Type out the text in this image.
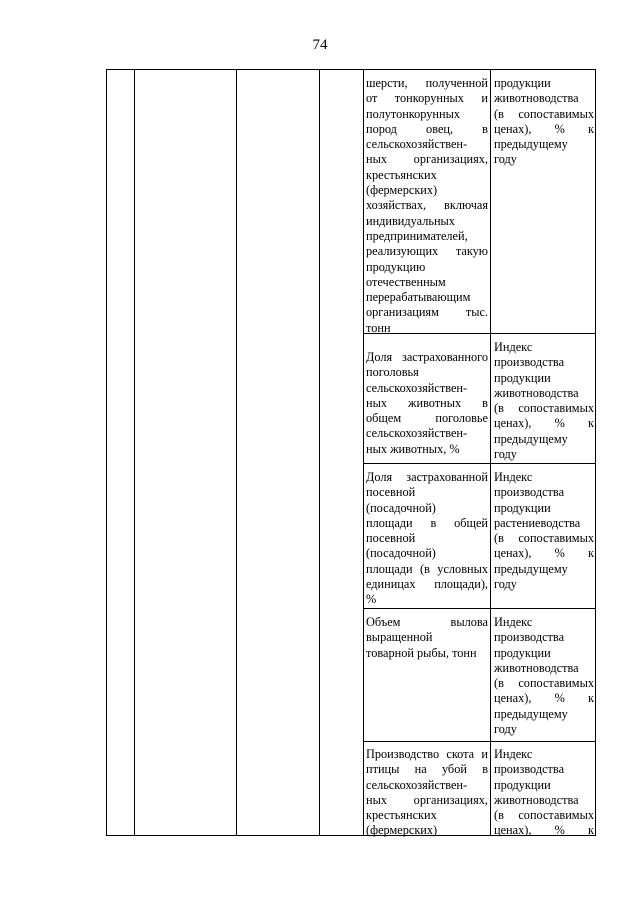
74
шерсти, полученной
от тонкорунных и
полутонкорунных
пород овец, в
сельскохозяйствен-
ных организациях,
крестьянских
(фермерских)
хозяйствах, включая
индивидуальных
предпринимателей,
реализующих такую
продукцию
отечественным
перерабатывающим
организациям тыс.
тонн
продукции
животноводства
(в сопоставимых
ценах), % к
предыдущему
году
Доля застрахованного
поголовья
сельскохозяйствен-
ных животных в
общем поголовье
сельскохозяйствен-
ных животных, %
Индекс
производства
продукции
животноводства
(в сопоставимых
ценах), % к
предыдущему
году
Доля застрахованной
посевной
(посадочной)
площади в общей
посевной
(посадочной)
площади (в условных
единицах площади),
%
Индекс
производства
продукции
растениеводства
(в сопоставимых
ценах), % к
предыдущему
году
Объем вылова
выращенной
товарной рыбы, тонн
Индекс
производства
продукции
животноводства
(в сопоставимых
ценах), % к
предыдущему
году
Производство скота и
птицы на убой в
сельскохозяйствен-
ных организациях,
крестьянских
(фермерских)
Индекс
производства
продукции
животноводства
(в сопоставимых
ценах), % к
